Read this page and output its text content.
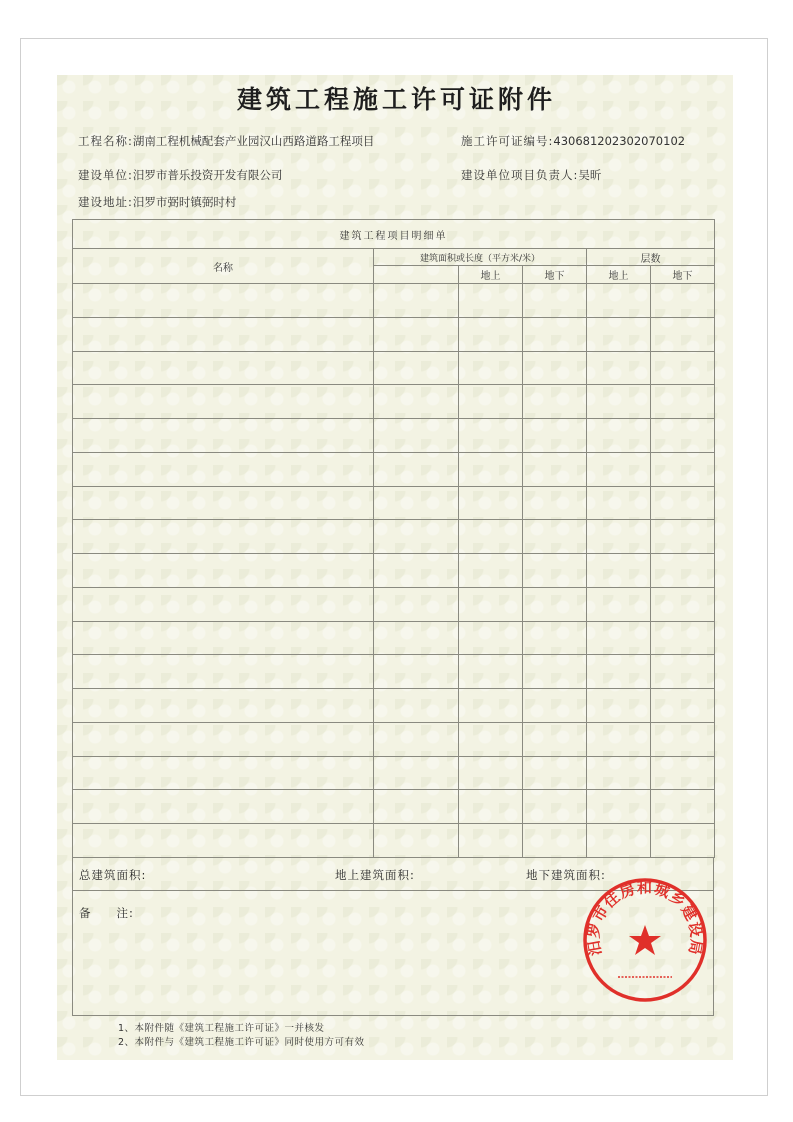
建筑工程施工许可证附件
工程名称:湖南工程机械配套产业园汉山西路道路工程项目	施工许可证编号:430681202302070102
建设单位:汨罗市普乐投资开发有限公司	建设单位项目负责人:吴昕
建设地址:汨罗市弼时镇弼时村
建筑工程项目明细单					
名称	建筑面积或长度（平方米/米）			层数	
		地上	地下	地上	地下

总建筑面积:	地上建筑面积:	地下建筑面积:
备　　注:
汨罗市住房和城乡建设局
1、本附件随《建筑工程施工许可证》一并核发
2、本附件与《建筑工程施工许可证》同时使用方可有效
